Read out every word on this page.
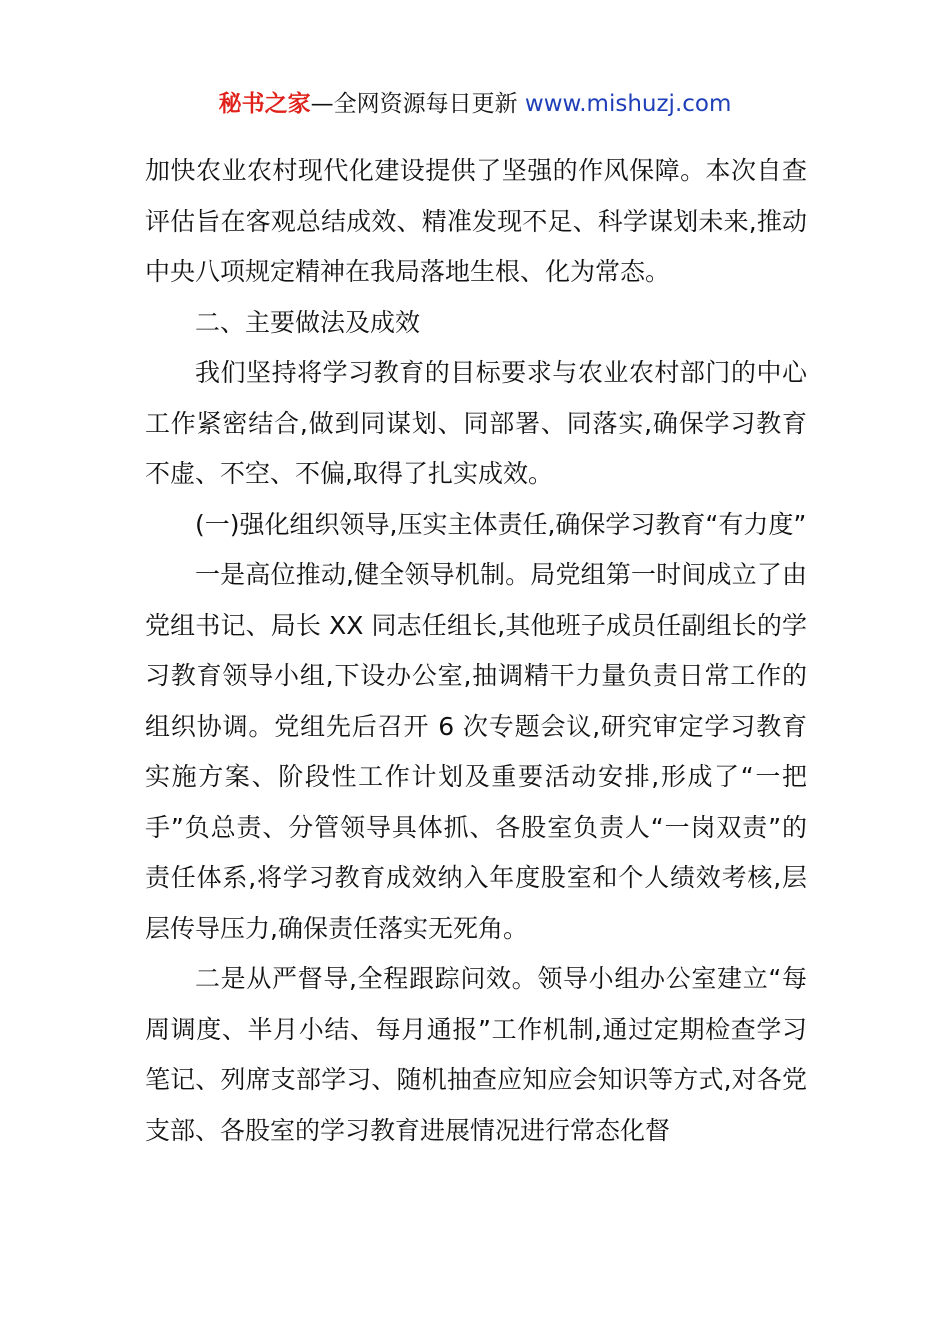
秘书之家—全网资源每日更新 www.mishuzj.com

加快农业农村现代化建设提供了坚强的作风保障。本次自查评估旨在客观总结成效、精准发现不足、科学谋划未来,推动中央八项规定精神在我局落地生根、化为常态。

二、主要做法及成效

我们坚持将学习教育的目标要求与农业农村部门的中心工作紧密结合,做到同谋划、同部署、同落实,确保学习教育不虚、不空、不偏,取得了扎实成效。

(一)强化组织领导,压实主体责任,确保学习教育“有力度”

一是高位推动,健全领导机制。局党组第一时间成立了由党组书记、局长 XX 同志任组长,其他班子成员任副组长的学习教育领导小组,下设办公室,抽调精干力量负责日常工作的组织协调。党组先后召开 6 次专题会议,研究审定学习教育实施方案、阶段性工作计划及重要活动安排,形成了“一把手”负总责、分管领导具体抓、各股室负责人“一岗双责”的责任体系,将学习教育成效纳入年度股室和个人绩效考核,层层传导压力,确保责任落实无死角。

二是从严督导,全程跟踪问效。领导小组办公室建立“每周调度、半月小结、每月通报”工作机制,通过定期检查学习笔记、列席支部学习、随机抽查应知应会知识等方式,对各党支部、各股室的学习教育进展情况进行常态化督
